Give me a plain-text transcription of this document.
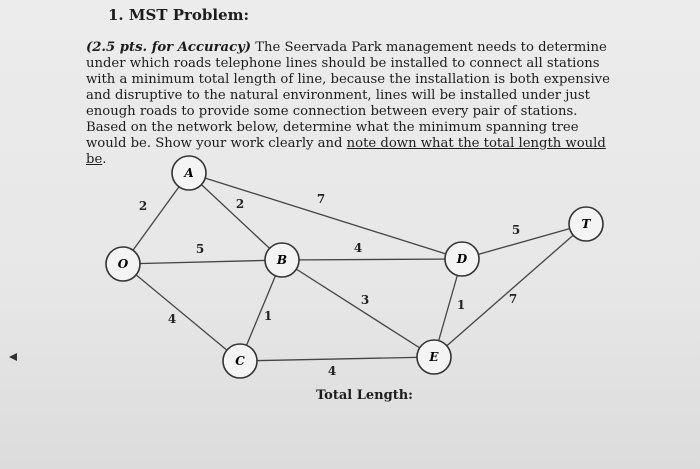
1. MST Problem:

(2.5 pts. for Accuracy) The Seervada Park management needs to determine under which roads telephone lines should be installed to connect all stations with a minimum total length of line, because the installation is both expensive and disruptive to the natural environment, lines will be installed under just enough roads to provide some connection between every pair of stations. Based on the network below, determine what the minimum spanning tree would be. Show your work clearly and note down what the total length would be.

2
5
4
2	7
1
4
3
4
1
5
7
O
A
B
C
D
E
T
Total Length:
